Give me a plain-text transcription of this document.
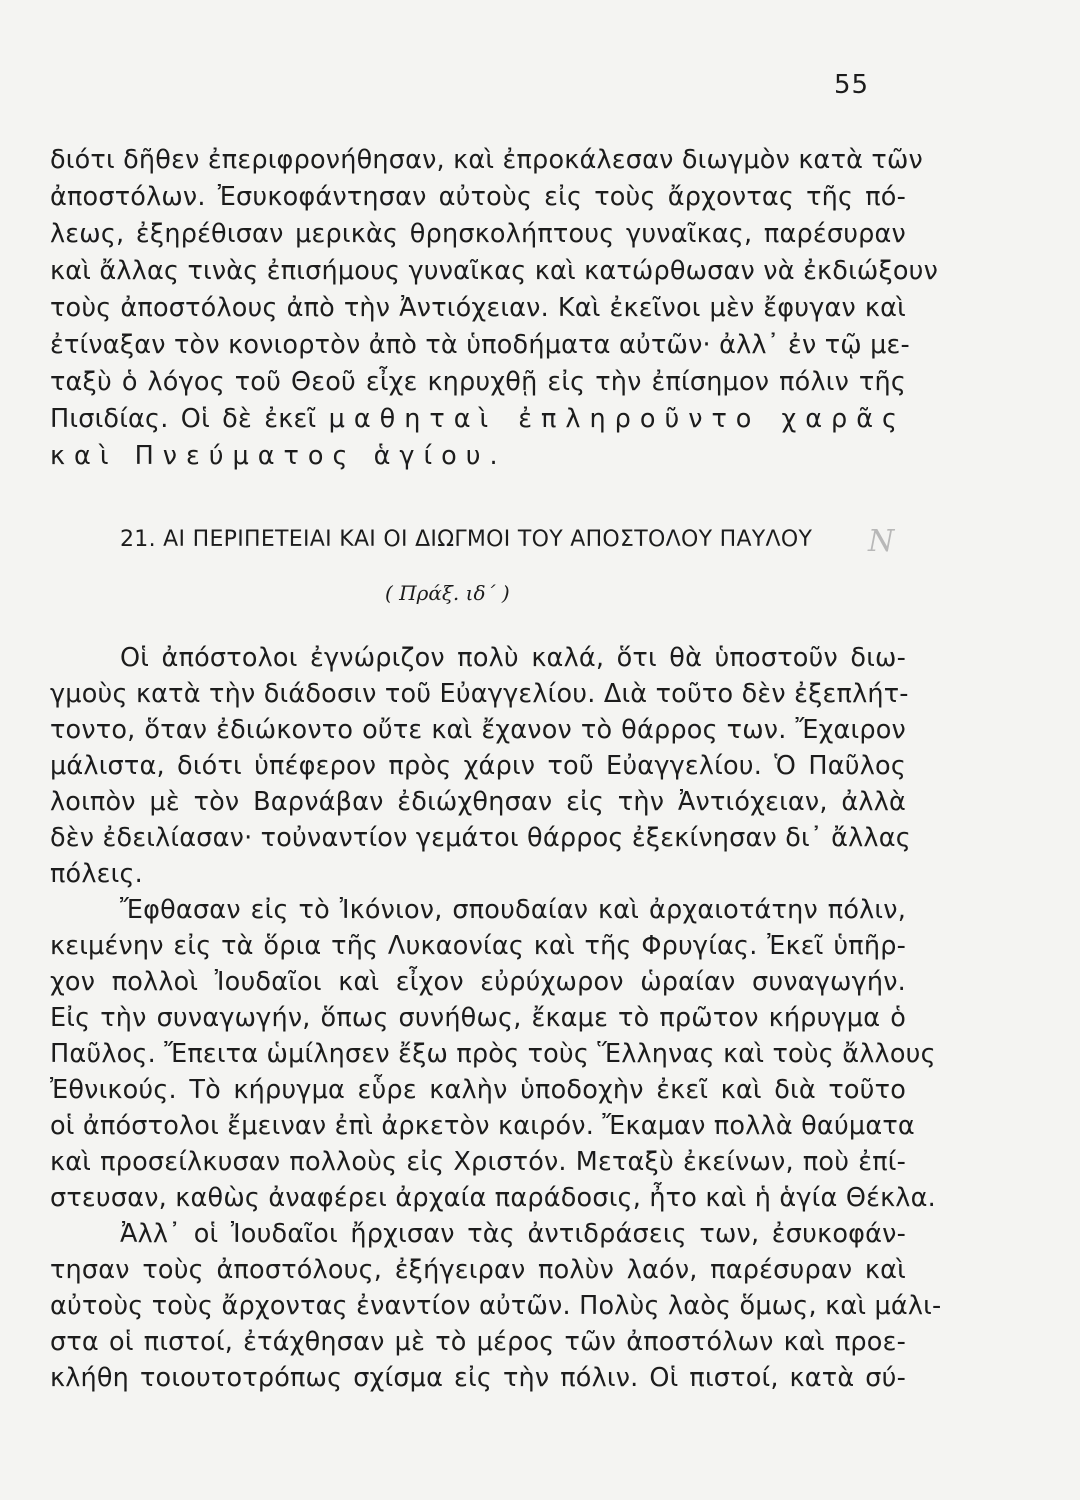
55
διότι δῆθεν ἐπεριφρονήθησαν, καὶ ἐπροκάλεσαν διωγμὸν κατὰ τῶν
ἀποστόλων. Ἐσυκοφάντησαν αὐτοὺς εἰς τοὺς ἄρχοντας τῆς πό-
λεως, ἐξηρέθισαν μερικὰς θρησκολήπτους γυναῖκας, παρέσυραν
καὶ ἄλλας τινὰς ἐπισήμους γυναῖκας καὶ κατώρθωσαν νὰ ἐκδιώξουν
τοὺς ἀποστόλους ἀπὸ τὴν Ἀντιόχειαν. Καὶ ἐκεῖνοι μὲν ἔφυγαν καὶ
ἐτίναξαν τὸν κονιορτὸν ἀπὸ τὰ ὑποδήματα αὐτῶν· ἀλλ᾽ ἐν τῷ με-
ταξὺ ὁ λόγος τοῦ Θεοῦ εἶχε κηρυχθῇ εἰς τὴν ἐπίσημον πόλιν τῆς
Πισιδίας. Οἱ δὲ ἐκεῖ μαθηταὶ ἐπληροῦντο χαρᾶς
καὶ Πνεύματος ἁγίου.
21. ΑΙ ΠΕΡΙΠΕΤΕΙΑΙ ΚΑΙ ΟΙ ΔΙΩΓΜΟΙ ΤΟΥ ΑΠΟΣΤΟΛΟΥ ΠΑΥΛΟΥ	Ν
( Πράξ. ιδ΄ )
Οἱ ἀπόστολοι ἐγνώριζον πολὺ καλά, ὅτι θὰ ὑποστοῦν διω-
γμοὺς κατὰ τὴν διάδοσιν τοῦ Εὐαγγελίου. Διὰ τοῦτο δὲν ἐξεπλήτ-
τοντο, ὅταν ἐδιώκοντο οὔτε καὶ ἔχανον τὸ θάρρος των. Ἔχαιρον
μάλιστα, διότι ὑπέφερον πρὸς χάριν τοῦ Εὐαγγελίου. Ὁ Παῦλος
λοιπὸν μὲ τὸν Βαρνάβαν ἐδιώχθησαν εἰς τὴν Ἀντιόχειαν, ἀλλὰ
δὲν ἐδειλίασαν· τοὐναντίον γεμάτοι θάρρος ἐξεκίνησαν δι᾽ ἄλλας
πόλεις.
Ἔφθασαν εἰς τὸ Ἰκόνιον, σπουδαίαν καὶ ἀρχαιοτάτην πόλιν,
κειμένην εἰς τὰ ὅρια τῆς Λυκαονίας καὶ τῆς Φρυγίας. Ἐκεῖ ὑπῆρ-
χον πολλοὶ Ἰουδαῖοι καὶ εἶχον εὐρύχωρον ὡραίαν συναγωγήν.
Εἰς τὴν συναγωγήν, ὅπως συνήθως, ἔκαμε τὸ πρῶτον κήρυγμα ὁ
Παῦλος. Ἔπειτα ὡμίλησεν ἔξω πρὸς τοὺς Ἕλληνας καὶ τοὺς ἄλλους
Ἐθνικούς. Τὸ κήρυγμα εὗρε καλὴν ὑποδοχὴν ἐκεῖ καὶ διὰ τοῦτο
οἱ ἀπόστολοι ἔμειναν ἐπὶ ἀρκετὸν καιρόν. Ἔκαμαν πολλὰ θαύματα
καὶ προσείλκυσαν πολλοὺς εἰς Χριστόν. Μεταξὺ ἐκείνων, ποὺ ἐπί-
στευσαν, καθὼς ἀναφέρει ἀρχαία παράδοσις, ἦτο καὶ ἡ ἁγία Θέκλα.
Ἀλλ᾽ οἱ Ἰουδαῖοι ἤρχισαν τὰς ἀντιδράσεις των, ἐσυκοφάν-
τησαν τοὺς ἀποστόλους, ἐξήγειραν πολὺν λαόν, παρέσυραν καὶ
αὐτοὺς τοὺς ἄρχοντας ἐναντίον αὐτῶν. Πολὺς λαὸς ὅμως, καὶ μάλι-
στα οἱ πιστοί, ἐτάχθησαν μὲ τὸ μέρος τῶν ἀποστόλων καὶ προε-
κλήθη τοιουτοτρόπως σχίσμα εἰς τὴν πόλιν. Οἱ πιστοί, κατὰ σύ-
